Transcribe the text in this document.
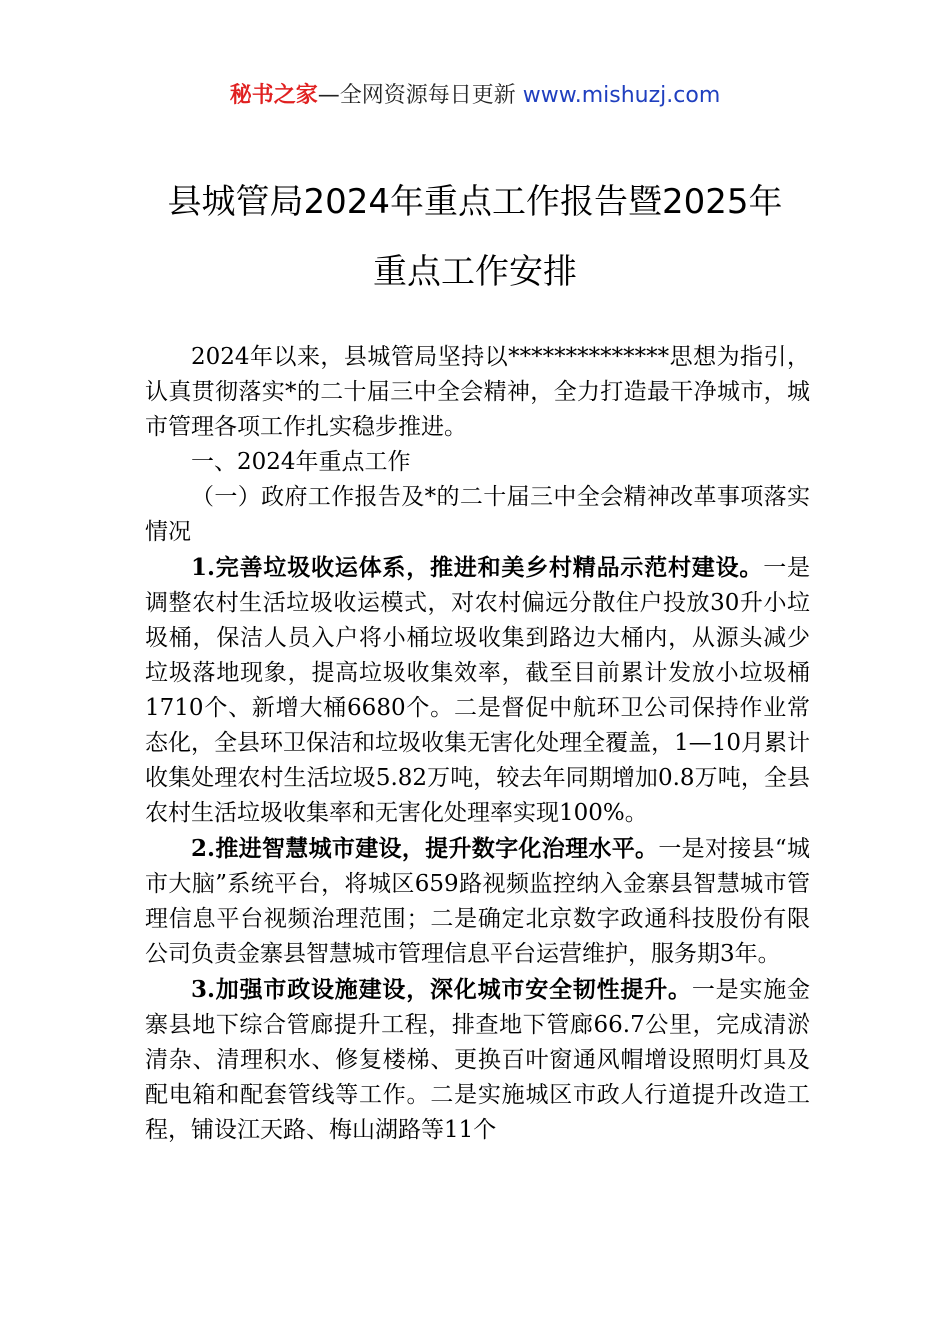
秘书之家—全网资源每日更新 www.mishuzj.com
县城管局2024年重点工作报告暨2025年
重点工作安排

2024年以来，县城管局坚持以**************思想为指引，认真贯彻落实*的二十届三中全会精神，全力打造最干净城市，城市管理各项工作扎实稳步推进。

一、2024年重点工作

（一）政府工作报告及*的二十届三中全会精神改革事项落实情况

1.完善垃圾收运体系，推进和美乡村精品示范村建设。一是调整农村生活垃圾收运模式，对农村偏远分散住户投放30升小垃圾桶，保洁人员入户将小桶垃圾收集到路边大桶内，从源头减少垃圾落地现象，提高垃圾收集效率，截至目前累计发放小垃圾桶1710个、新增大桶6680个。二是督促中航环卫公司保持作业常态化，全县环卫保洁和垃圾收集无害化处理全覆盖，1—10月累计收集处理农村生活垃圾5.82万吨，较去年同期增加0.8万吨，全县农村生活垃圾收集率和无害化处理率实现100%。

2.推进智慧城市建设，提升数字化治理水平。一是对接县“城市大脑”系统平台，将城区659路视频监控纳入金寨县智慧城市管理信息平台视频治理范围；二是确定北京数字政通科技股份有限公司负责金寨县智慧城市管理信息平台运营维护，服务期3年。

3.加强市政设施建设，深化城市安全韧性提升。一是实施金寨县地下综合管廊提升工程，排查地下管廊66.7公里，完成清淤清杂、清理积水、修复楼梯、更换百叶窗通风帽增设照明灯具及配电箱和配套管线等工作。二是实施城区市政人行道提升改造工程，铺设江天路、梅山湖路等11个
